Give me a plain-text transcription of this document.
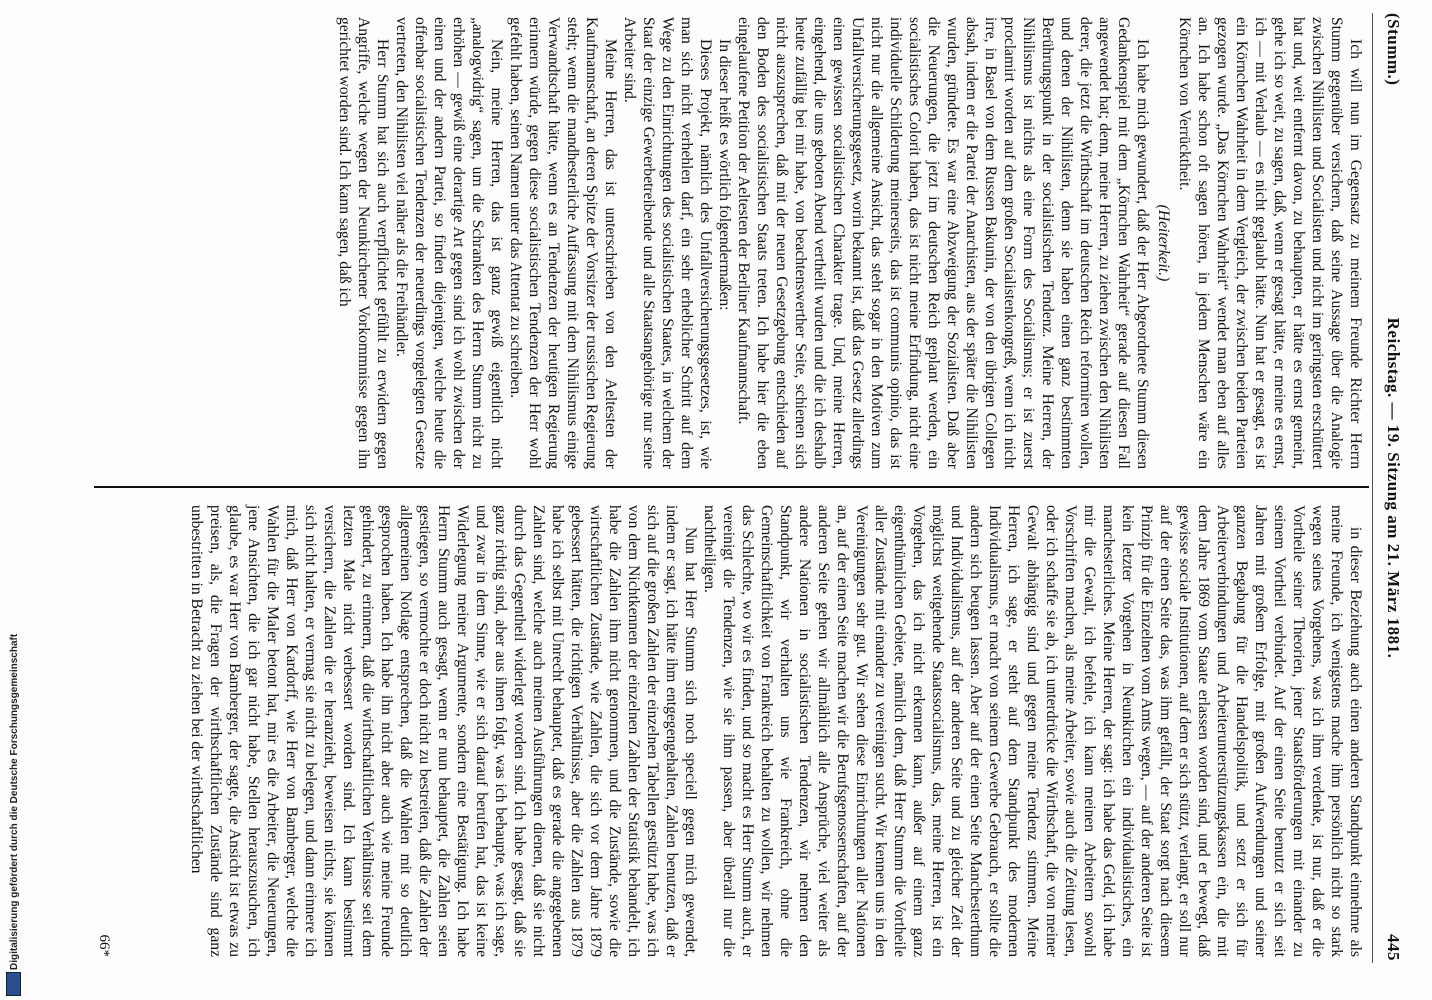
(Stumm.)
Reichstag. — 19. Sitzung am 21. März 1881.
445

Ich will nun im Gegensatz zu meinem Freunde Richter Herrn Stumm gegenüber versichern, daß seine Aussage über die Analogie zwischen Nihilisten und Socialisten und nicht im geringsten erschüttert hat und, weit entfernt davon, zu behaupten, er hätte es ernst gemeint, gehe ich so weit, zu sagen, daß, wenn er gesagt hätte, er meine es ernst, ich — mit Verlaub — es nicht geglaubt hätte. Nun hat er gesagt, es ist ein Körnchen Wahrheit in dem Vergleich, der zwischen beiden Parteien gezogen wurde. „Das Körnchen Wahrheit“ wendet man eben auf alles an. Ich habe schon oft sagen hören, in jedem Menschen wäre ein Körnchen von Verrücktheit.

(Heiterkeit.)

Ich habe mich gewundert, daß der Herr Abgeordnete Stumm diesen Gedankenspiel mit dem „Körnchen Wahrheit“ gerade auf diesen Fall angewendet hat; denn, meine Herren, zu ziehen zwischen den Nihilisten derer, die jetzt die Wirthschaft im deutschen Reich reformiren wollen, und denen der Nihilisten, denn sie haben einen ganz bestimmten Berührungspunkt in der socialistischen Tendenz. Meine Herren, der Nihilismus ist nichts als eine Form des Socialismus; er ist zuerst proclamirt worden auf dem großen Socialistenkongreß, wenn ich nicht irre, in Basel von dem Russen Bakunin, der von den übrigen Collegen absah, indem er die Partei der Anarchisten, aus der später die Nihilisten wurden, gründete. Es war eine Abzweigung der Sozialisten. Daß aber die Neuerungen, die jetzt im deutschen Reich geplant werden, ein socialistisches Colorit haben, das ist nicht meine Erfindung, nicht eine individuelle Schilderung meinerseits, das ist communis opinio, das ist nicht nur die allgemeine Ansicht, das steht sogar in den Motiven zum Unfallversicherungsgesetz, worin bekannt ist, daß das Gesetz allerdings einen gewissen socialistischen Charakter trage. Und, meine Herren, eingehend, die uns geboten Abend vertheilt wurden und die ich deshalb heute zufällig bei mir habe, von beachtenswerther Seite, schienen sich nicht auszusprechen, daß mit der neuen Gesetzgebung entschieden auf den Boden des socialistischen Staats treten. Ich habe hier die eben eingelaufene Petition der Aeltesten der Berliner Kaufmannschaft.

In dieser heißt es wörtlich folgendermaßen:

Dieses Projekt, nämlich des Unfallversicherungsgesetzes, ist, wie man sich nicht verhehlen darf, ein sehr erheblicher Schritt auf dem Wege zu den Einrichtungen des socialistischen Staates, in welchem der Staat der einzige Gewerbetreibende und alle Staatsangehörige nur seine Arbeiter sind.

Meine Herren, das ist unterschrieben von den Aeltesten der Kaufmannschaft, an deren Spitze der Vorsitzer der russischen Regierung steht; wenn die mandhesterliche Auffassung mit dem Nihilismus einige Verwandtschaft hätte, wenn es an Tendenzen der heutigen Regierung erinnern würde, gegen diese socialistischen Tendenzen der Herr wohl gefehlt haben, seinen Namen unter das Attentat zu schreiben.

Nein, meine Herren, das ist ganz gewiß eigentlich nicht „analogwidrig“ sagen, um die Schranken des Herrn Stumm nicht zu erhöhen — gewiß eine derartige Art gegen sind ich wohl zwischen der einen und der andern Partei, so finden diejenigen, welche heute die offenbar socialistischen Tendenzen der neuerdings vorgelegten Gesetze vertreten, den Nihilisten viel näher als die Freihändler.

Herr Stumm hat sich auch verpflichtet gefühlt zu erwidern gegen Angriffe, welche wegen der Neunkirchener Vorkommnisse gegen ihn gerichtet worden sind. Ich kann sagen, daß ich

in dieser Beziehung auch einen anderen Standpunkt einnehme als meine Freunde, ich wenigstens mache ihm persönlich nicht so stark wegen seines Vorgehens, was ich ihm verdenke, ist nur, daß er die Vortheile seiner Theorien, jener Staatsförderungen mit einander zu seinem Vortheil verbindet. Auf der einen Seite benutzt er sich seit Jahren mit großem Erfolge, mit großen Aufwendungen und seiner ganzen Begabung für die Handelspolitik, und setzt er sich für Arbeiterverbindungen und Arbeiterunterstützungskassen ein, die mit dem Jahre 1869 vom Staate erlassen worden sind, und er bewegt, daß gewisse sociale Institutionen, auf dem er sich stützt, verlangt, er soll nur auf der einen Seite das, was ihm gefällt, der Staat sorgt nach diesem Prinzip für die Einzelnen vom Amts wegen, — auf der anderen Seite ist kein letzter Vorgehen in Neunkirchen ein individualistisches, ein manchesterliches. Meine Herren, der sagt: ich habe das Geld, ich habe mir die Gewalt, ich befehle, ich kann meinen Arbeitern sowohl Vorschriften machen, als meine Arbeiter, sowie auch die Zeitung lesen, oder ich schaffe sie ab, ich unterdrücke die Wirthschaft, die von meiner Gewalt abhängig sind und gegen meine Tendenz stimmen. Meine Herren, ich sage, er steht auf dem Standpunkt des modernen Individualismus, er macht von seinem Gewerbe Gebrauch, er sollte die andern sich beugen lassen. Aber auf der einen Seite Manchesterthum und Individualismus, auf der anderen Seite und zu gleicher Zeit der möglichst weitgehende Staatssocialismus, das, meine Herren, ist ein Vorgehen, das ich nicht erkennen kann, außer auf einem ganz eigenthümlichen Gebiete, nämlich dem, daß Herr Stumm die Vortheile aller Zustände mit einander zu vereinigen sucht. Wir kennen uns in den Vereinigungen sehr gut. Wir sehen diese Einrichtungen aller Nationen an, auf der einen Seite machen wir die Berufsgenossenschaften, auf der anderen Seite gehen wir allmählich alle Ansprüche, viel weiter als andere Nationen in socialistischen Tendenzen, wir nehmen den Standpunkt, wir verhalten uns wie Frankreich, ohne die Gemeinschaftlichkeit von Frankreich behalten zu wollen, wir nehmen das Schlechte, wo wir es finden, und so macht es Herr Stumm auch, er vereinigt die Tendenzen, wie sie ihm passen, aber überall nur die nachtheiligen.

Nun hat Herr Stumm sich noch speciell gegen mich gewendet, indem er sagt, ich hätte ihm entgegengehalten, Zahlen benutzen, daß er sich auf die großen Zahlen der einzelnen Tabellen gestützt habe, was ich von dem Nichtkennen der einzelnen Zahlen der Statistik behandelt, ich habe die Zahlen ihm nicht genommen, und die Zustände, sowie die wirtschaftlichen Zustände, wie Zahlen, die sich vor dem Jahre 1879 gebessert hätten, die richtigen Verhältnisse, aber die Zahlen aus 1879 habe ich selbst mit Unrecht behauptet, daß es gerade die angegebenen Zahlen sind, welche auch meinen Ausführungen dienen, daß sie nicht durch das Gegentheil widerlegt worden sind. Ich habe gesagt, daß sie ganz richtig sind, aber aus ihnen folgt, was ich behaupte, was ich sage, und zwar in dem Sinne, wie er sich darauf berufen hat, das ist keine Widerlegung meiner Argumente, sondern eine Bestätigung. Ich habe Herrn Stumm auch gesagt, wenn er nun behauptet, die Zahlen seien gestiegen, so vermochte er doch nicht zu bestreiten, daß die Zahlen der allgemeinen Notlage entsprechen, daß die Wahlen mit so deutlich gesprochen haben. Ich habe ihn nicht aber auch wie meine Freunde gehindert, zu erinnern, daß die wirthschaftlichen Verhältnisse seit dem letzten Male nicht verbessert worden sind. Ich kann bestimmt versichern, die Zahlen die er heranzieht, beweisen nichts, sie können sich nicht halten, er vermag sie nicht zu belegen, und dann erinnere ich mich, daß Herr von Kardorff, wie Herr von Bamberger, welche die Wahlen für die Maler betont hat, mir es die Arbeiter, die Neuerungen, jene Ansichten, die ich gar nicht habe, Stellen herauszusuchen, ich glaube, es war Herr von Bamberger, der sagte, die Ansicht ist etwas zu preisen, als, die Fragen der wirthschaftlichen Zustände sind ganz unbestritten in Betracht zu ziehen bei der wirthschaftlichen

66*
Digitalisierung gefördert durch die Deutsche Forschungsgemeinschaft
